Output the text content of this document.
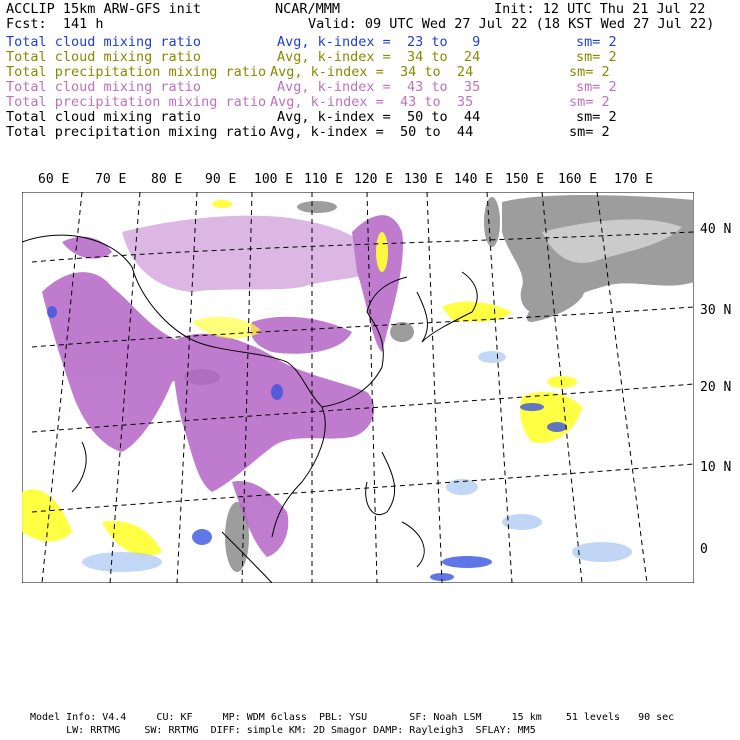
ACCLIP 15km ARW-GFS init	NCAR/MMM	Init: 12 UTC Thu 21 Jul 22
Fcst:  141 h	Valid: 09 UTC Wed 27 Jul 22 (18 KST Wed 27 Jul 22)
Total cloud mixing ratio	Avg, k-index =  23 to   9	sm= 2
Total cloud mixing ratio	Avg, k-index =  34 to  24	sm= 2
Total precipitation mixing ratio Avg, k-index =  34 to  24	sm= 2
Total cloud mixing ratio	Avg, k-index =  43 to  35	sm= 2
Total precipitation mixing ratio Avg, k-index =  43 to  35	sm= 2
Total cloud mixing ratio	Avg, k-index =  50 to  44	sm= 2
Total precipitation mixing ratio Avg, k-index =  50 to  44	sm= 2
60 E 70 E 80 E 90 E 100 E 110 E 120 E 130 E 140 E 150 E 160 E 170 E
40 N
30 N
20 N
10 N
0
Model Info: V4.4     CU: KF     MP: WDM 6class  PBL: YSU       SF: Noah LSM     15 km    51 levels   90 sec
LW: RRTMG    SW: RRTMG  DIFF: simple KM: 2D Smagor DAMP: Rayleigh3  SFLAY: MM5
